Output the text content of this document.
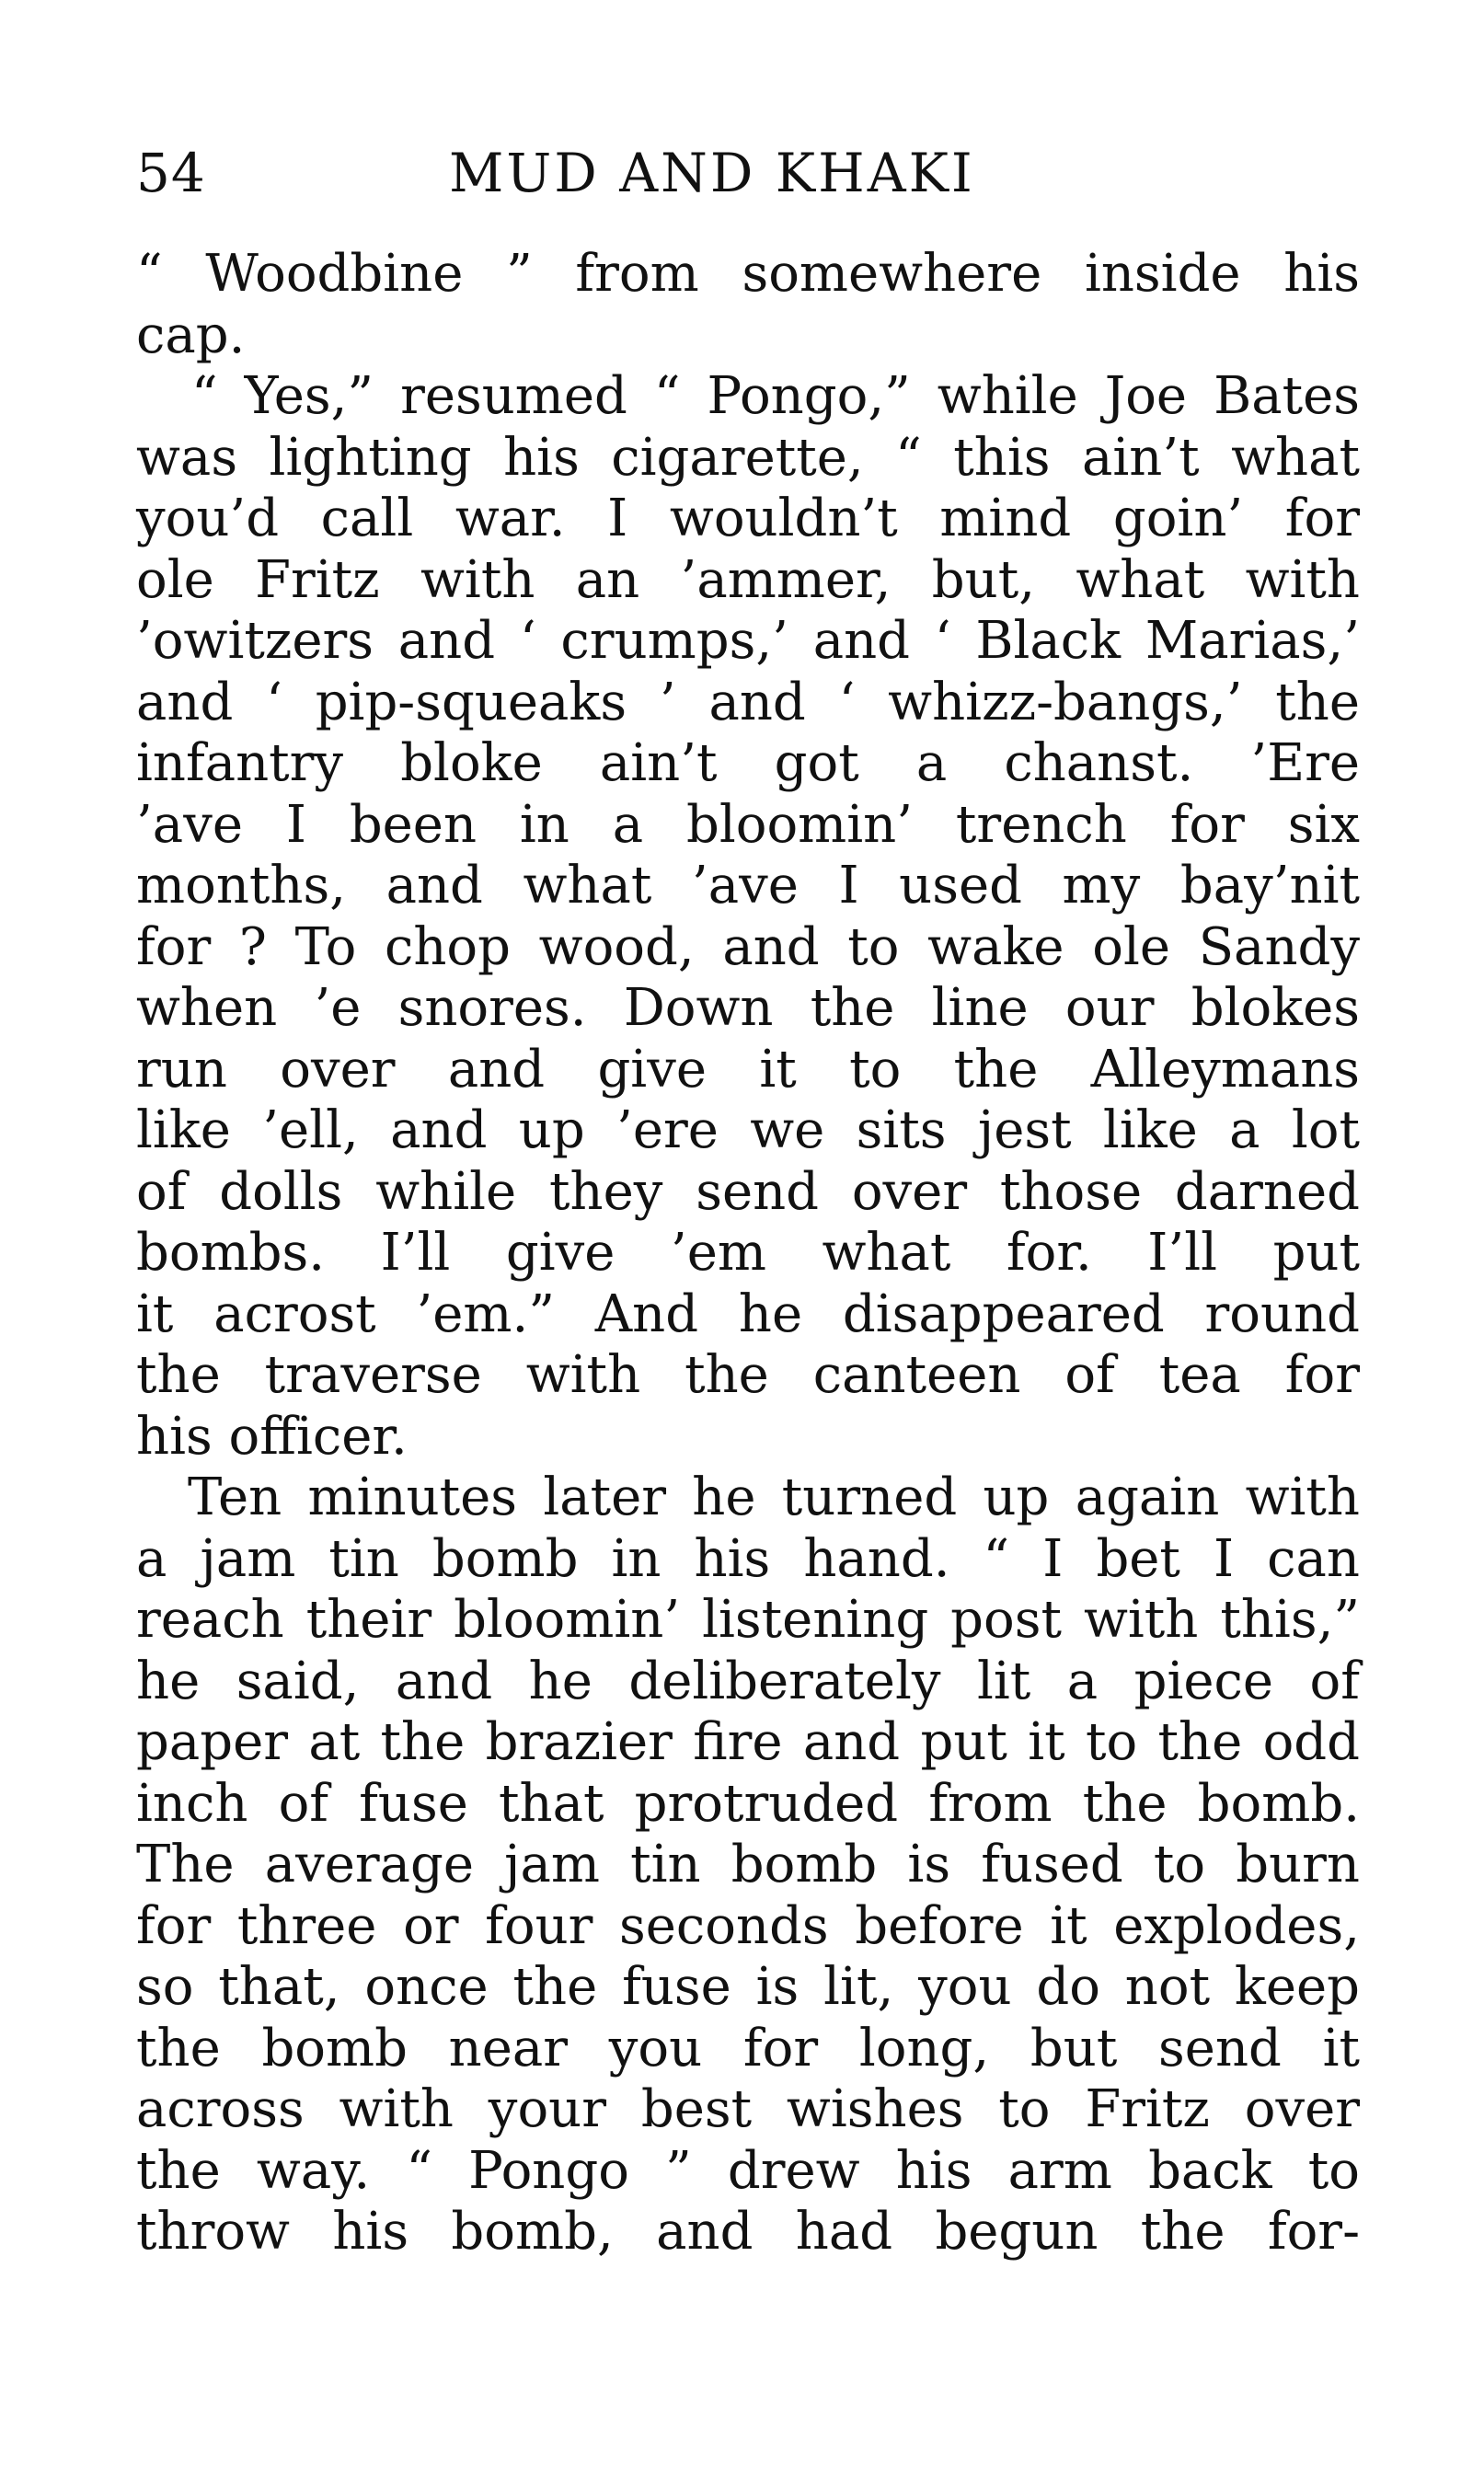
54	MUD AND KHAKI
“ Woodbine ” from somewhere inside his
cap.
“ Yes,” resumed “ Pongo,” while Joe Bates
was lighting his cigarette, “ this ain’t what
you’d call war. I wouldn’t mind goin’ for
ole Fritz with an ’ammer, but, what with
’owitzers and ‘ crumps,’ and ‘ Black Marias,’
and ‘ pip-squeaks ’ and ‘ whizz-bangs,’ the
infantry bloke ain’t got a chanst. ’Ere
’ave I been in a bloomin’ trench for six
months, and what ’ave I used my bay’nit
for ? To chop wood, and to wake ole Sandy
when ’e snores. Down the line our blokes
run over and give it to the Alleymans
like ’ell, and up ’ere we sits jest like a lot
of dolls while they send over those darned
bombs. I’ll give ’em what for. I’ll put
it acrost ’em.” And he disappeared round
the traverse with the canteen of tea for
his officer.
Ten minutes later he turned up again with
a jam tin bomb in his hand. “ I bet I can
reach their bloomin’ listening post with this,”
he said, and he deliberately lit a piece of
paper at the brazier fire and put it to the odd
inch of fuse that protruded from the bomb.
The average jam tin bomb is fused to burn
for three or four seconds before it explodes,
so that, once the fuse is lit, you do not keep
the bomb near you for long, but send it
across with your best wishes to Fritz over
the way. “ Pongo ” drew his arm back to
throw his bomb, and had begun the for-
